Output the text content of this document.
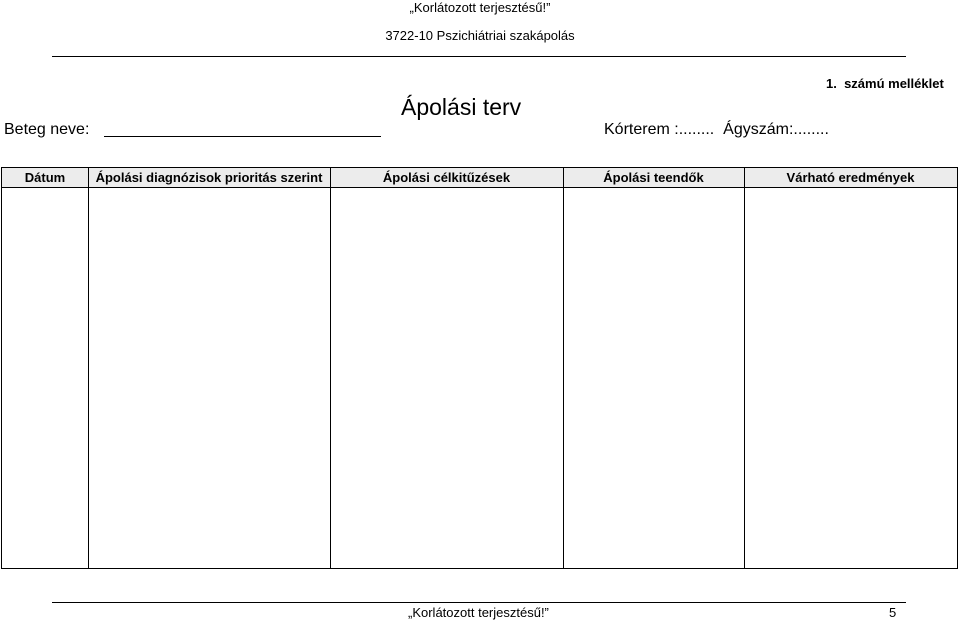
„Korlátozott terjesztésű!”
3722-10 Pszichiátriai szakápolás
1.  számú melléklet
Ápolási terv
Beteg neve:	Kórterem :........  Ágyszám:........
Dátum	Ápolási diagnózisok prioritás szerint	Ápolási célkitűzések	Ápolási teendők	Várható eredmények
„Korlátozott terjesztésű!”	5
